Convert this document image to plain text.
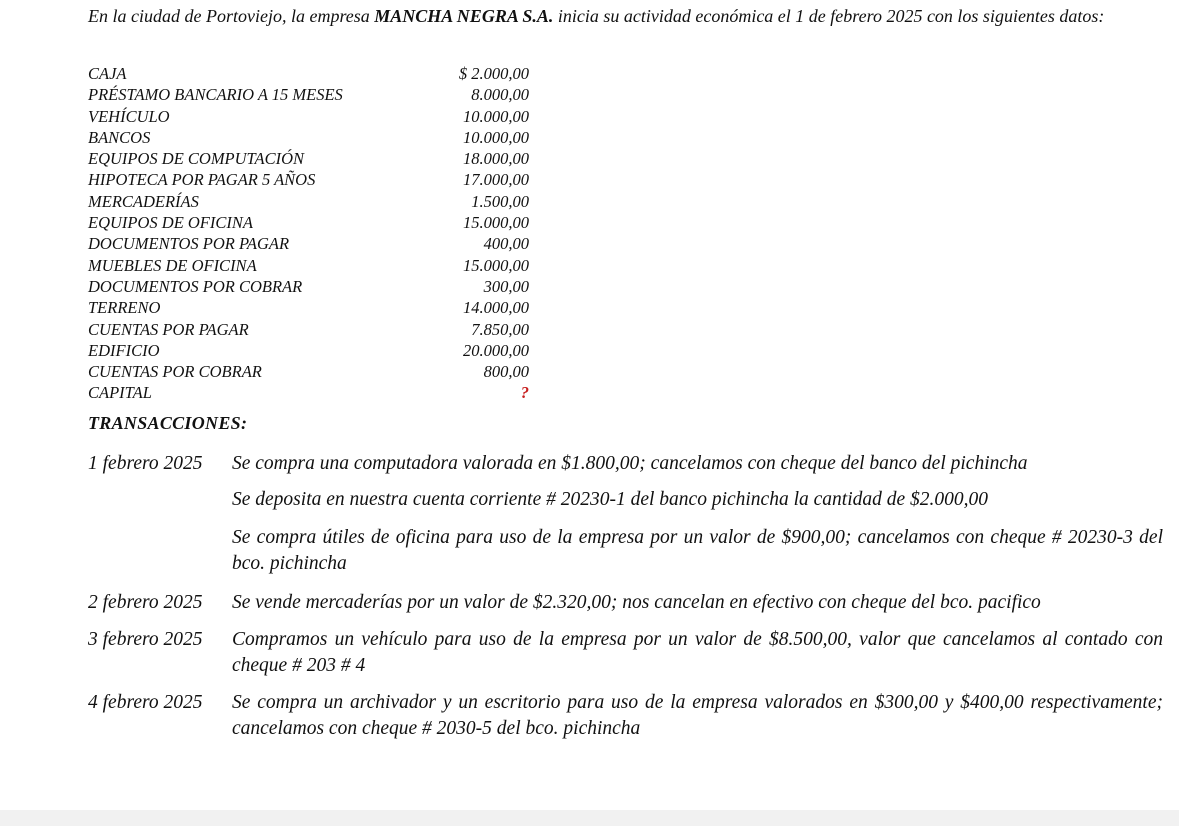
En la ciudad de Portoviejo, la empresa MANCHA NEGRA S.A. inicia su actividad económica el 1 de febrero 2025 con los siguientes datos:

CAJA	$ 2.000,00
PRÉSTAMO BANCARIO A 15 MESES	8.000,00
VEHÍCULO	10.000,00
BANCOS	10.000,00
EQUIPOS DE COMPUTACIÓN	18.000,00
HIPOTECA POR PAGAR 5 AÑOS	17.000,00
MERCADERÍAS	1.500,00
EQUIPOS DE OFICINA	15.000,00
DOCUMENTOS POR PAGAR	400,00
MUEBLES DE OFICINA	15.000,00
DOCUMENTOS POR COBRAR	300,00
TERRENO	14.000,00
CUENTAS POR PAGAR	7.850,00
EDIFICIO	20.000,00
CUENTAS POR COBRAR	800,00
CAPITAL	?
TRANSACCIONES:
1 febrero 2025 Se compra una computadora valorada en $1.800,00; cancelamos con cheque del banco del pichincha
Se deposita en nuestra cuenta corriente # 20230-1 del banco pichincha la cantidad de $2.000,00
Se compra útiles de oficina para uso de la empresa por un valor de $900,00; cancelamos con cheque # 20230-3 del bco. pichincha
2 febrero 2025 Se vende mercaderías por un valor de $2.320,00; nos cancelan en efectivo con cheque del bco. pacifico
3 febrero 2025 Compramos un vehículo para uso de la empresa por un valor de $8.500,00, valor que cancelamos al contado con cheque # 203 # 4
4 febrero 2025 Se compra un archivador y un escritorio para uso de la empresa valorados en $300,00 y $400,00 respectivamente; cancelamos con cheque # 2030-5 del bco. pichincha
